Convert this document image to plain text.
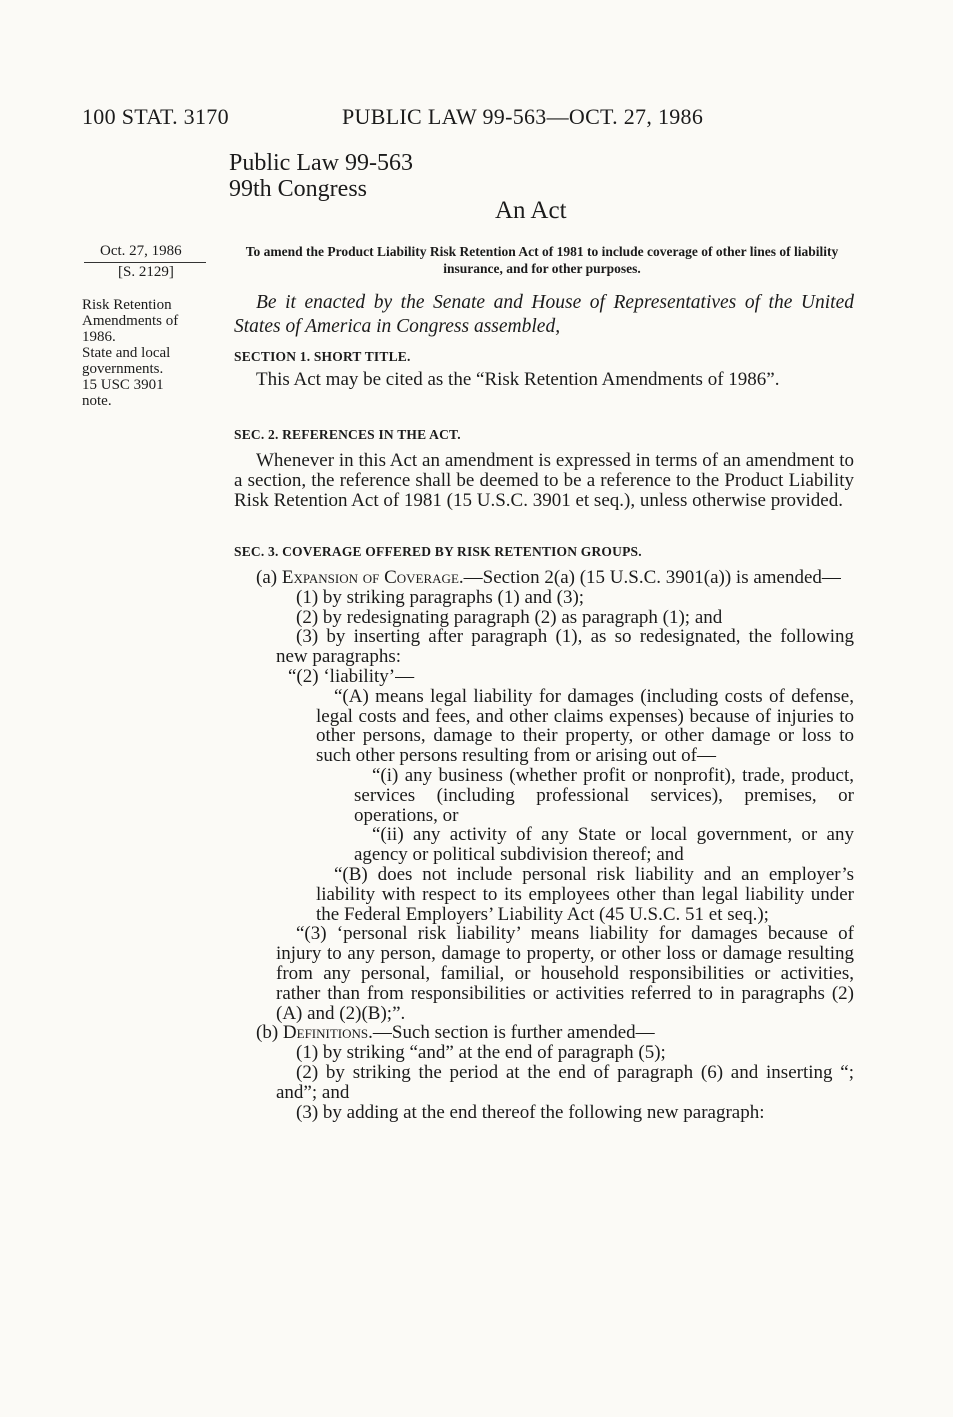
100 STAT. 3170	PUBLIC LAW 99-563—OCT. 27, 1986
Public Law 99-563
99th Congress
An Act
Oct. 27, 1986
[S. 2129]
Risk Retention
Amendments of
1986.
State and local
governments.
15 USC 3901
note.
To amend the Product Liability Risk Retention Act of 1981 to include coverage of other lines of liability insurance, and for other purposes.
Be it enacted by the Senate and House of Representatives of the United States of America in Congress assembled,
SECTION 1. SHORT TITLE.
This Act may be cited as the “Risk Retention Amendments of 1986”.
SEC. 2. REFERENCES IN THE ACT.
Whenever in this Act an amendment is expressed in terms of an amendment to a section, the reference shall be deemed to be a reference to the Product Liability Risk Retention Act of 1981 (15 U.S.C. 3901 et seq.), unless otherwise provided.
SEC. 3. COVERAGE OFFERED BY RISK RETENTION GROUPS.
(a) Expansion of Coverage.—Section 2(a) (15 U.S.C. 3901(a)) is amended—
(1) by striking paragraphs (1) and (3);
(2) by redesignating paragraph (2) as paragraph (1); and
(3) by inserting after paragraph (1), as so redesignated, the following new paragraphs:
“(2) ‘liability’—
“(A) means legal liability for damages (including costs of defense, legal costs and fees, and other claims expenses) because of injuries to other persons, damage to their property, or other damage or loss to such other persons resulting from or arising out of—
“(i) any business (whether profit or nonprofit), trade, product, services (including professional services), premises, or operations, or
“(ii) any activity of any State or local government, or any agency or political subdivision thereof; and
“(B) does not include personal risk liability and an employer’s liability with respect to its employees other than legal liability under the Federal Employers’ Liability Act (45 U.S.C. 51 et seq.);
“(3) ‘personal risk liability’ means liability for damages because of injury to any person, damage to property, or other loss or damage resulting from any personal, familial, or household responsibilities or activities, rather than from responsibilities or activities referred to in paragraphs (2)(A) and (2)(B);”.
(b) Definitions.—Such section is further amended—
(1) by striking “and” at the end of paragraph (5);
(2) by striking the period at the end of paragraph (6) and inserting “; and”; and
(3) by adding at the end thereof the following new paragraph:
